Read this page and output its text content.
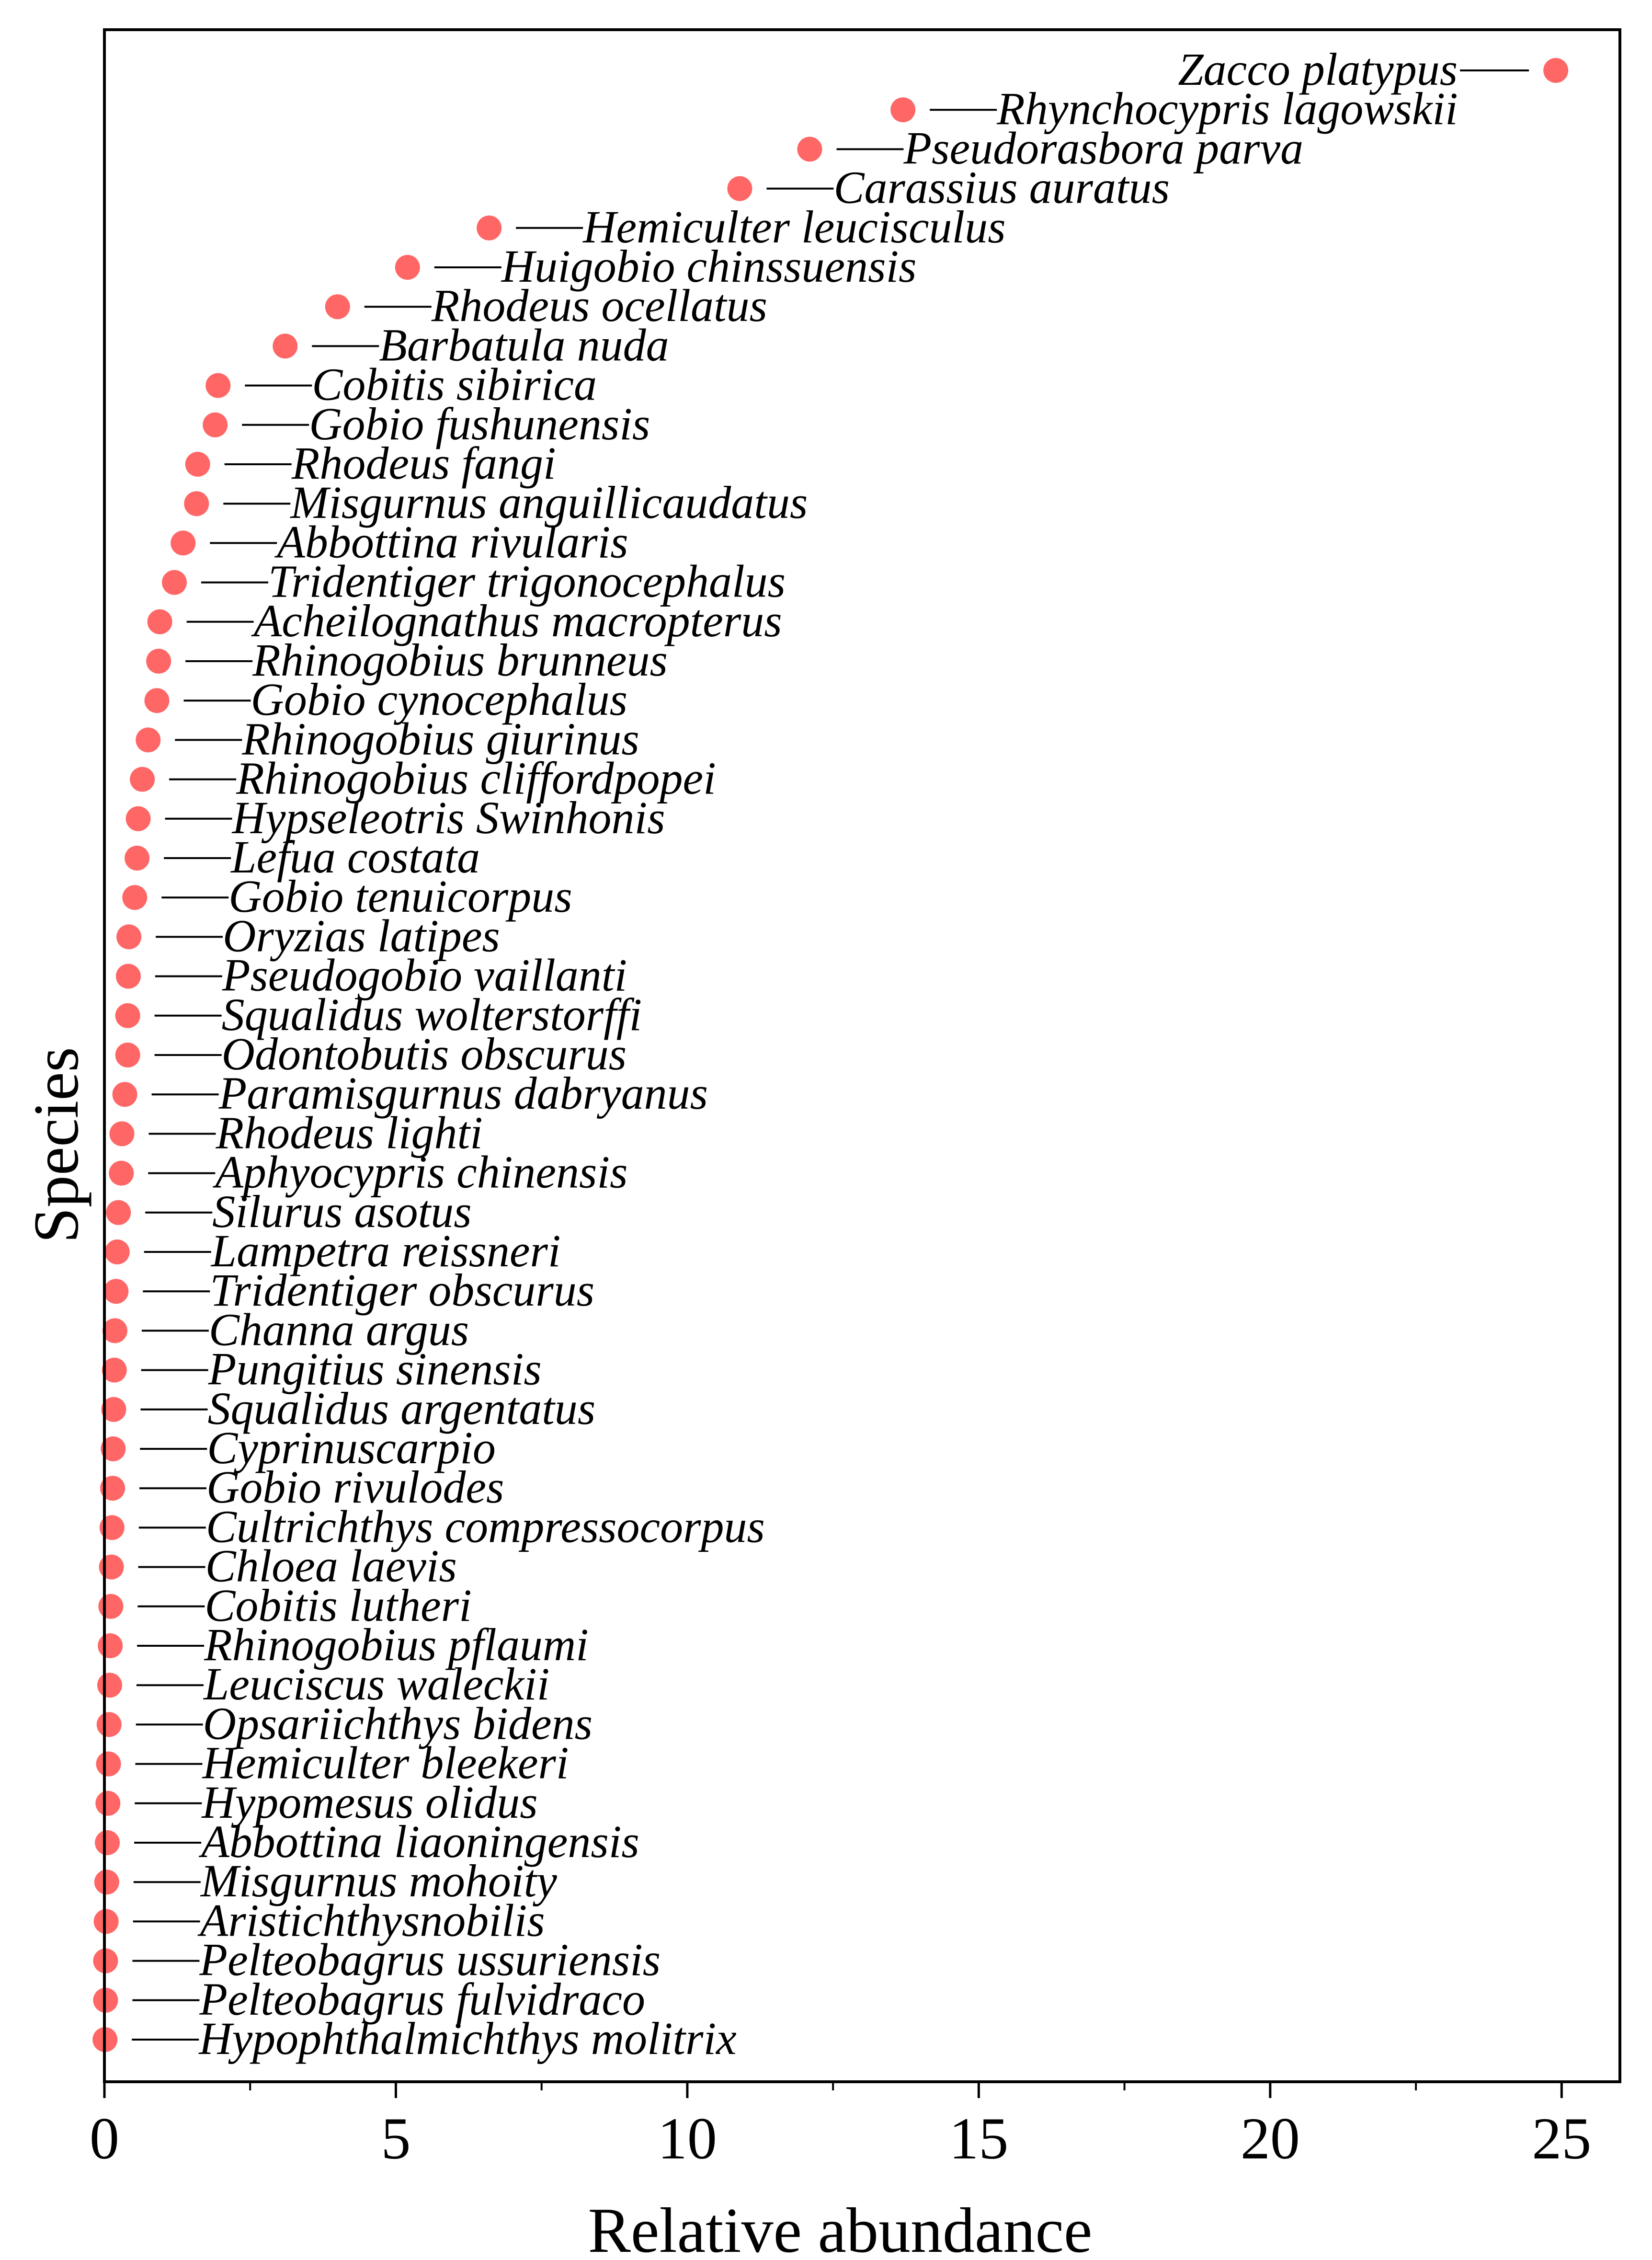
Zacco platypus
Rhynchocypris lagowskii
Pseudorasbora parva
Carassius auratus
Hemiculter leucisculus
Huigobio chinssuensis
Rhodeus ocellatus
Barbatula nuda
Cobitis sibirica
Gobio fushunensis
Rhodeus fangi
Misgurnus anguillicaudatus
Abbottina rivularis
Tridentiger trigonocephalus
Acheilognathus macropterus
Rhinogobius brunneus
Gobio cynocephalus
Rhinogobius giurinus
Rhinogobius cliffordpopei
Hypseleotris Swinhonis
Lefua costata
Gobio tenuicorpus
Oryzias latipes
Pseudogobio vaillanti
Squalidus wolterstorffi
Odontobutis obscurus
Paramisgurnus dabryanus
Rhodeus lighti
Aphyocypris chinensis
Silurus asotus
Lampetra reissneri
Tridentiger obscurus
Channa argus
Pungitius sinensis
Squalidus argentatus
Cyprinuscarpio
Gobio rivulodes
Cultrichthys compressocorpus
Chloea laevis
Cobitis lutheri
Rhinogobius pflaumi
Leuciscus waleckii
Opsariichthys bidens
Hemiculter bleekeri
Hypomesus olidus
Abbottina liaoningensis
Misgurnus mohoity
Aristichthysnobilis
Pelteobagrus ussuriensis
Pelteobagrus fulvidraco
Hypophthalmichthys molitrix
0	5	10	15	20	25
Relative abundance
Species
